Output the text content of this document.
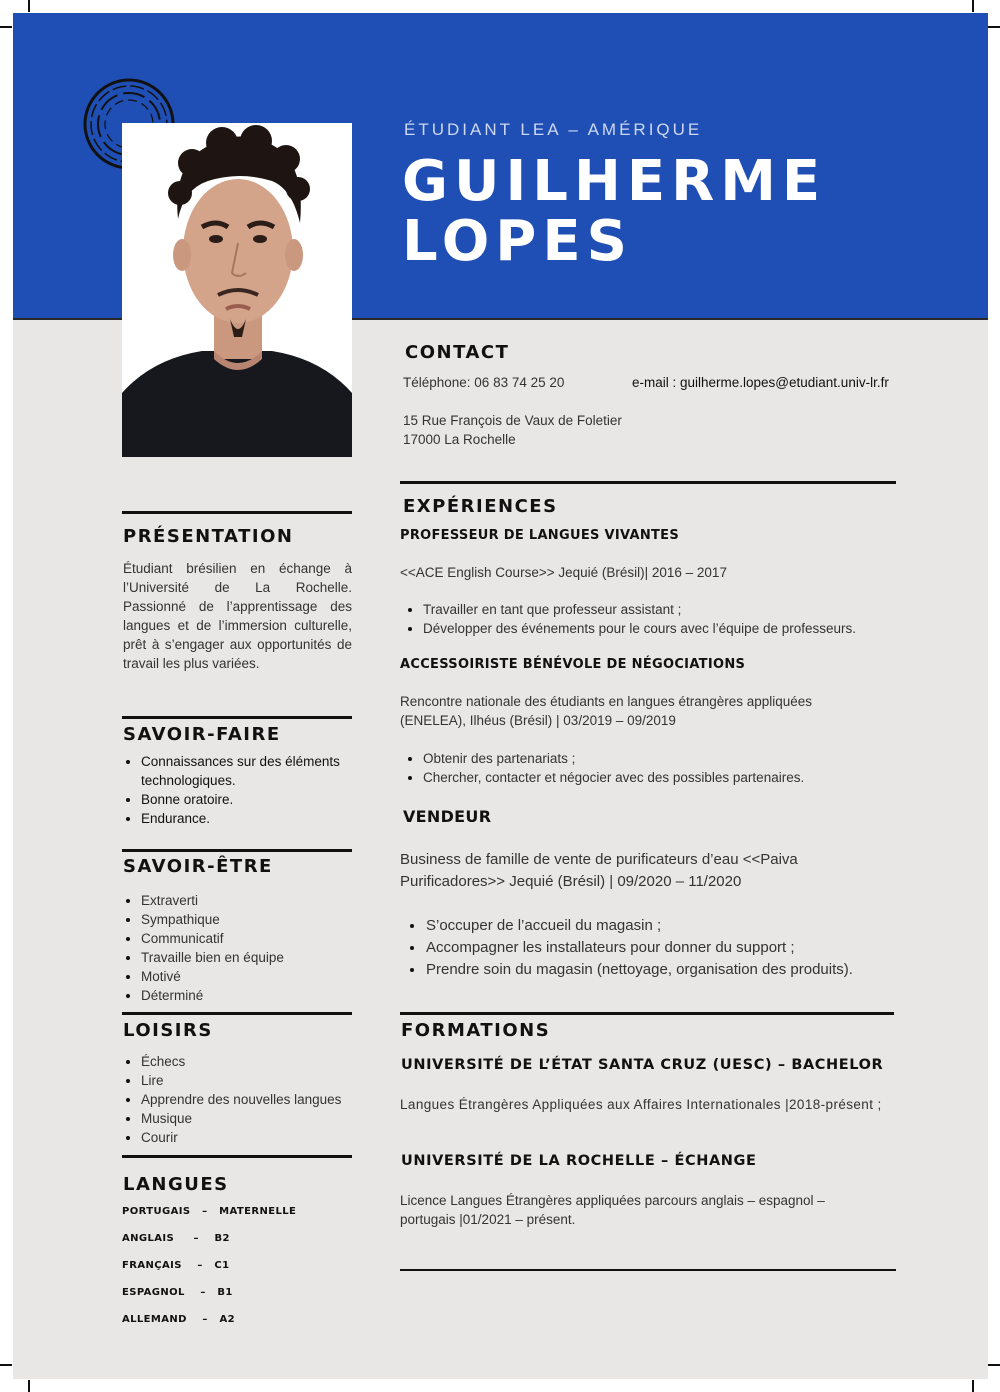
ÉTUDIANT LEA – AMÉRIQUE
GUILHERME
LOPES
CONTACT
Téléphone: 06 83 74 25 20	e-mail : guilherme.lopes@etudiant.univ-lr.fr
15 Rue François de Vaux de Foletier
17000 La Rochelle
PRÉSENTATION
Étudiant brésilien en échange à l’Université de La Rochelle. Passionné de l’apprentissage des langues et de l’immersion culturelle, prêt à s’engager aux opportunités de travail les plus variées.
SAVOIR-FAIRE
Connaissances sur des éléments technologiques.
Bonne oratoire.
Endurance.
SAVOIR-ÊTRE
Extraverti
Sympathique
Communicatif
Travaille bien en équipe
Motivé
Déterminé
LOISIRS
Échecs
Lire
Apprendre des nouvelles langues
Musique
Courir
LANGUES
PORTUGAIS   –   MATERNELLE
ANGLAIS     –    B2
FRANÇAIS    –   C1
ESPAGNOL    –   B1
ALLEMAND    –   A2
EXPÉRIENCES
PROFESSEUR DE LANGUES VIVANTES
<<ACE English Course>> Jequié (Brésil)| 2016 – 2017
Travailler en tant que professeur assistant ;
Développer des événements pour le cours avec l’équipe de professeurs.
ACCESSOIRISTE BÉNÉVOLE DE NÉGOCIATIONS
Rencontre nationale des étudiants en langues étrangères appliquées (ENELEA), Ilhéus (Brésil) | 03/2019 – 09/2019
Obtenir des partenariats ;
Chercher, contacter et négocier avec des possibles partenaires.
VENDEUR
Business de famille de vente de purificateurs d’eau <<Paiva Purificadores>> Jequié (Brésil) | 09/2020 – 11/2020
S’occuper de l’accueil du magasin ;
Accompagner les installateurs pour donner du support ;
Prendre soin du magasin (nettoyage, organisation des produits).
FORMATIONS
UNIVERSITÉ DE L’ÉTAT SANTA CRUZ (UESC) – BACHELOR
Langues Étrangères Appliquées aux Affaires Internationales |2018-présent ;
UNIVERSITÉ DE LA ROCHELLE – ÉCHANGE
Licence Langues Étrangères appliquées parcours anglais – espagnol – portugais |01/2021 – présent.
